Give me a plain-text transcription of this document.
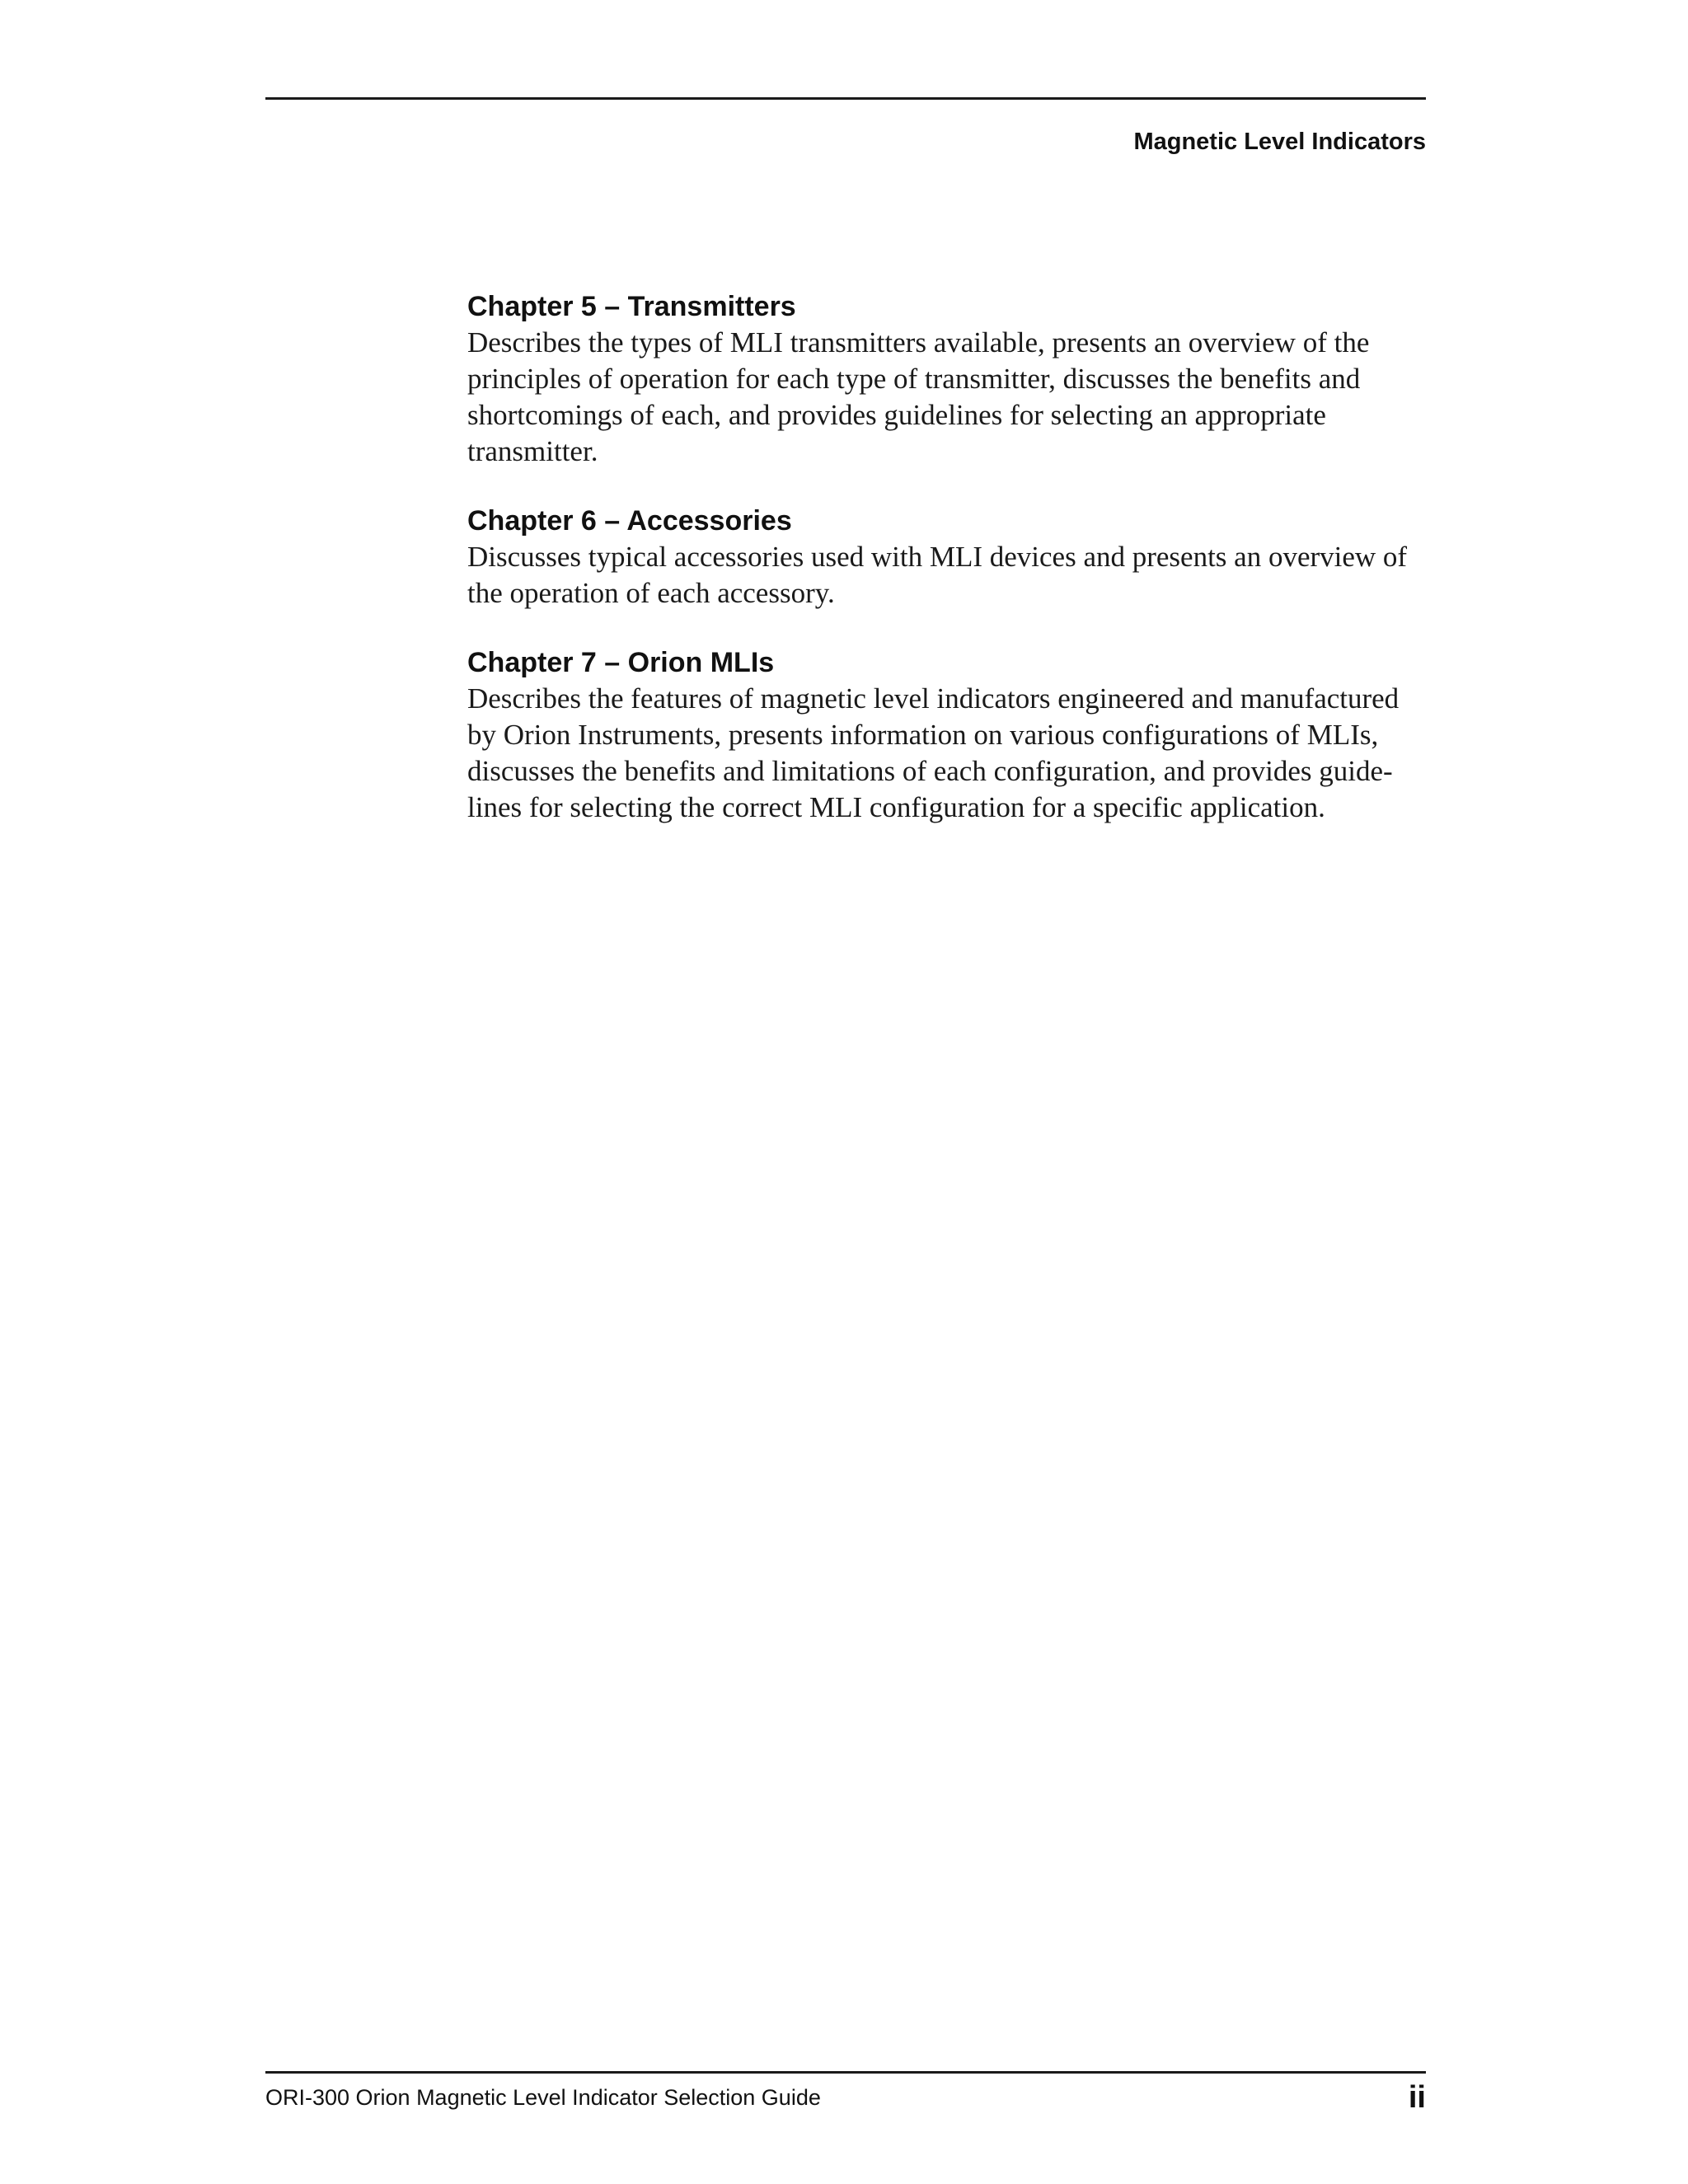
Magnetic Level Indicators
Chapter 5 – Transmitters

Describes the types of MLI transmitters available, presents an overview of the
principles of operation for each type of transmitter, discusses the benefits and
shortcomings of each, and provides guidelines for selecting an appropriate
transmitter.

Chapter 6 – Accessories

Discusses typical accessories used with MLI devices and presents an overview of
the operation of each accessory.

Chapter 7 – Orion MLIs

Describes the features of magnetic level indicators engineered and manufactured
by Orion Instruments, presents information on various configurations of MLIs,
discusses the benefits and limitations of each configuration, and provides guide-
lines for selecting the correct MLI configuration for a specific application.

ORI-300 Orion Magnetic Level Indicator Selection Guide	ii
